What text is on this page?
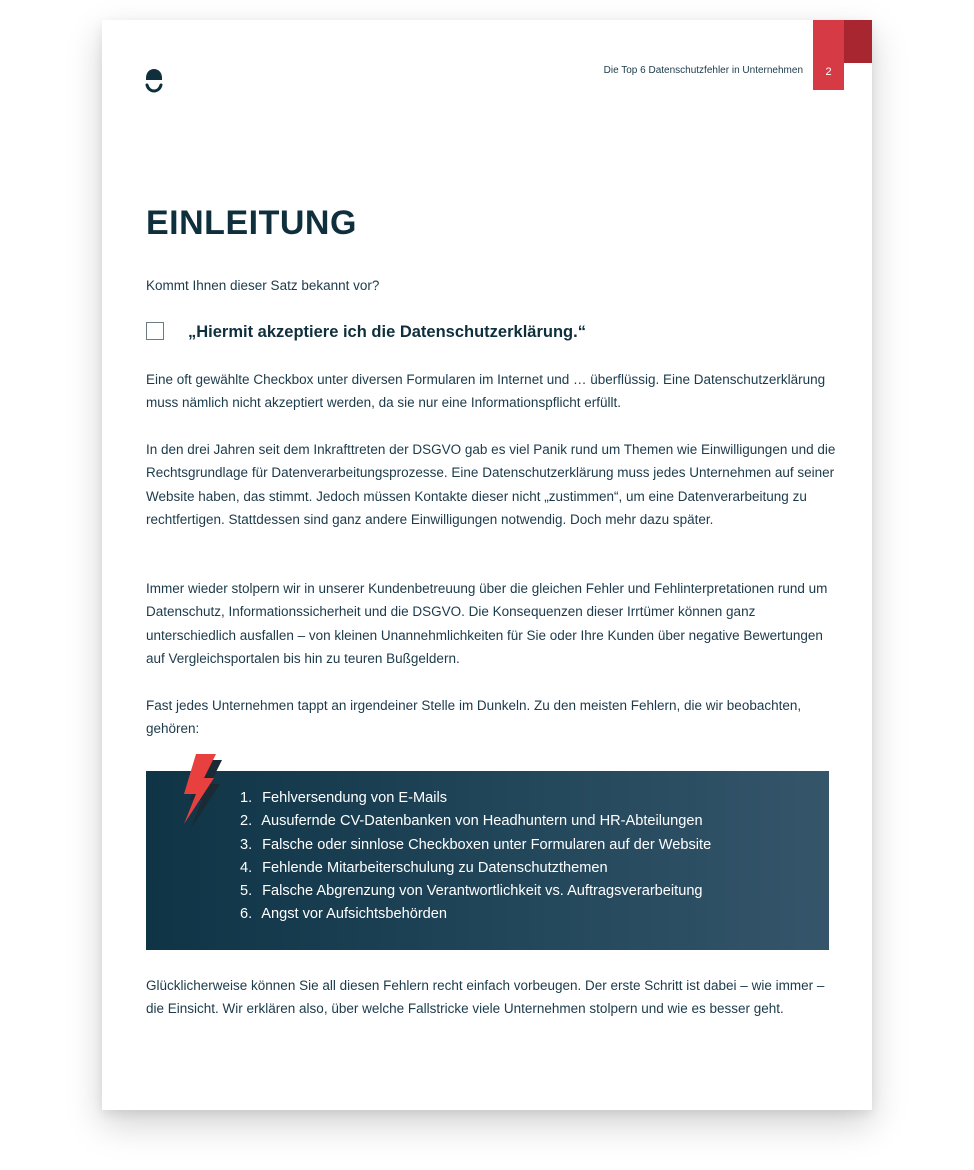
Die Top 6 Datenschutzfehler in Unternehmen	2
EINLEITUNG

Kommt Ihnen dieser Satz bekannt vor?

„Hiermit akzeptiere ich die Datenschutzerklärung.“

Eine oft gewählte Checkbox unter diversen Formularen im Internet und … überflüssig. Eine Datenschutzerklärung muss nämlich nicht akzeptiert werden, da sie nur eine Informationspflicht erfüllt.

In den drei Jahren seit dem Inkrafttreten der DSGVO gab es viel Panik rund um Themen wie Einwilligungen und die Rechtsgrundlage für Datenverarbeitungsprozesse. Eine Datenschutzerklärung muss jedes Unternehmen auf seiner Website haben, das stimmt. Jedoch müssen Kontakte dieser nicht „zustimmen“, um eine Datenverarbeitung zu rechtfertigen. Stattdessen sind ganz andere Einwilligungen notwendig. Doch mehr dazu später.

Immer wieder stolpern wir in unserer Kundenbetreuung über die gleichen Fehler und Fehlinterpretationen rund um Datenschutz, Informationssicherheit und die DSGVO. Die Konsequenzen dieser Irrtümer können ganz unterschiedlich ausfallen – von kleinen Unannehmlichkeiten für Sie oder Ihre Kunden über negative Bewertungen auf Vergleichsportalen bis hin zu teuren Bußgeldern.

Fast jedes Unternehmen tappt an irgendeiner Stelle im Dunkeln. Zu den meisten Fehlern, die wir beobachten, gehören:

1. Fehlversendung von E-Mails
2. Ausufernde CV-Datenbanken von Headhuntern und HR-Abteilungen
3. Falsche oder sinnlose Checkboxen unter Formularen auf der Website
4. Fehlende Mitarbeiterschulung zu Datenschutzthemen
5. Falsche Abgrenzung von Verantwortlichkeit vs. Auftragsverarbeitung
6. Angst vor Aufsichtsbehörden

Glücklicherweise können Sie all diesen Fehlern recht einfach vorbeugen. Der erste Schritt ist dabei – wie immer – die Einsicht. Wir erklären also, über welche Fallstricke viele Unternehmen stolpern und wie es besser geht.
